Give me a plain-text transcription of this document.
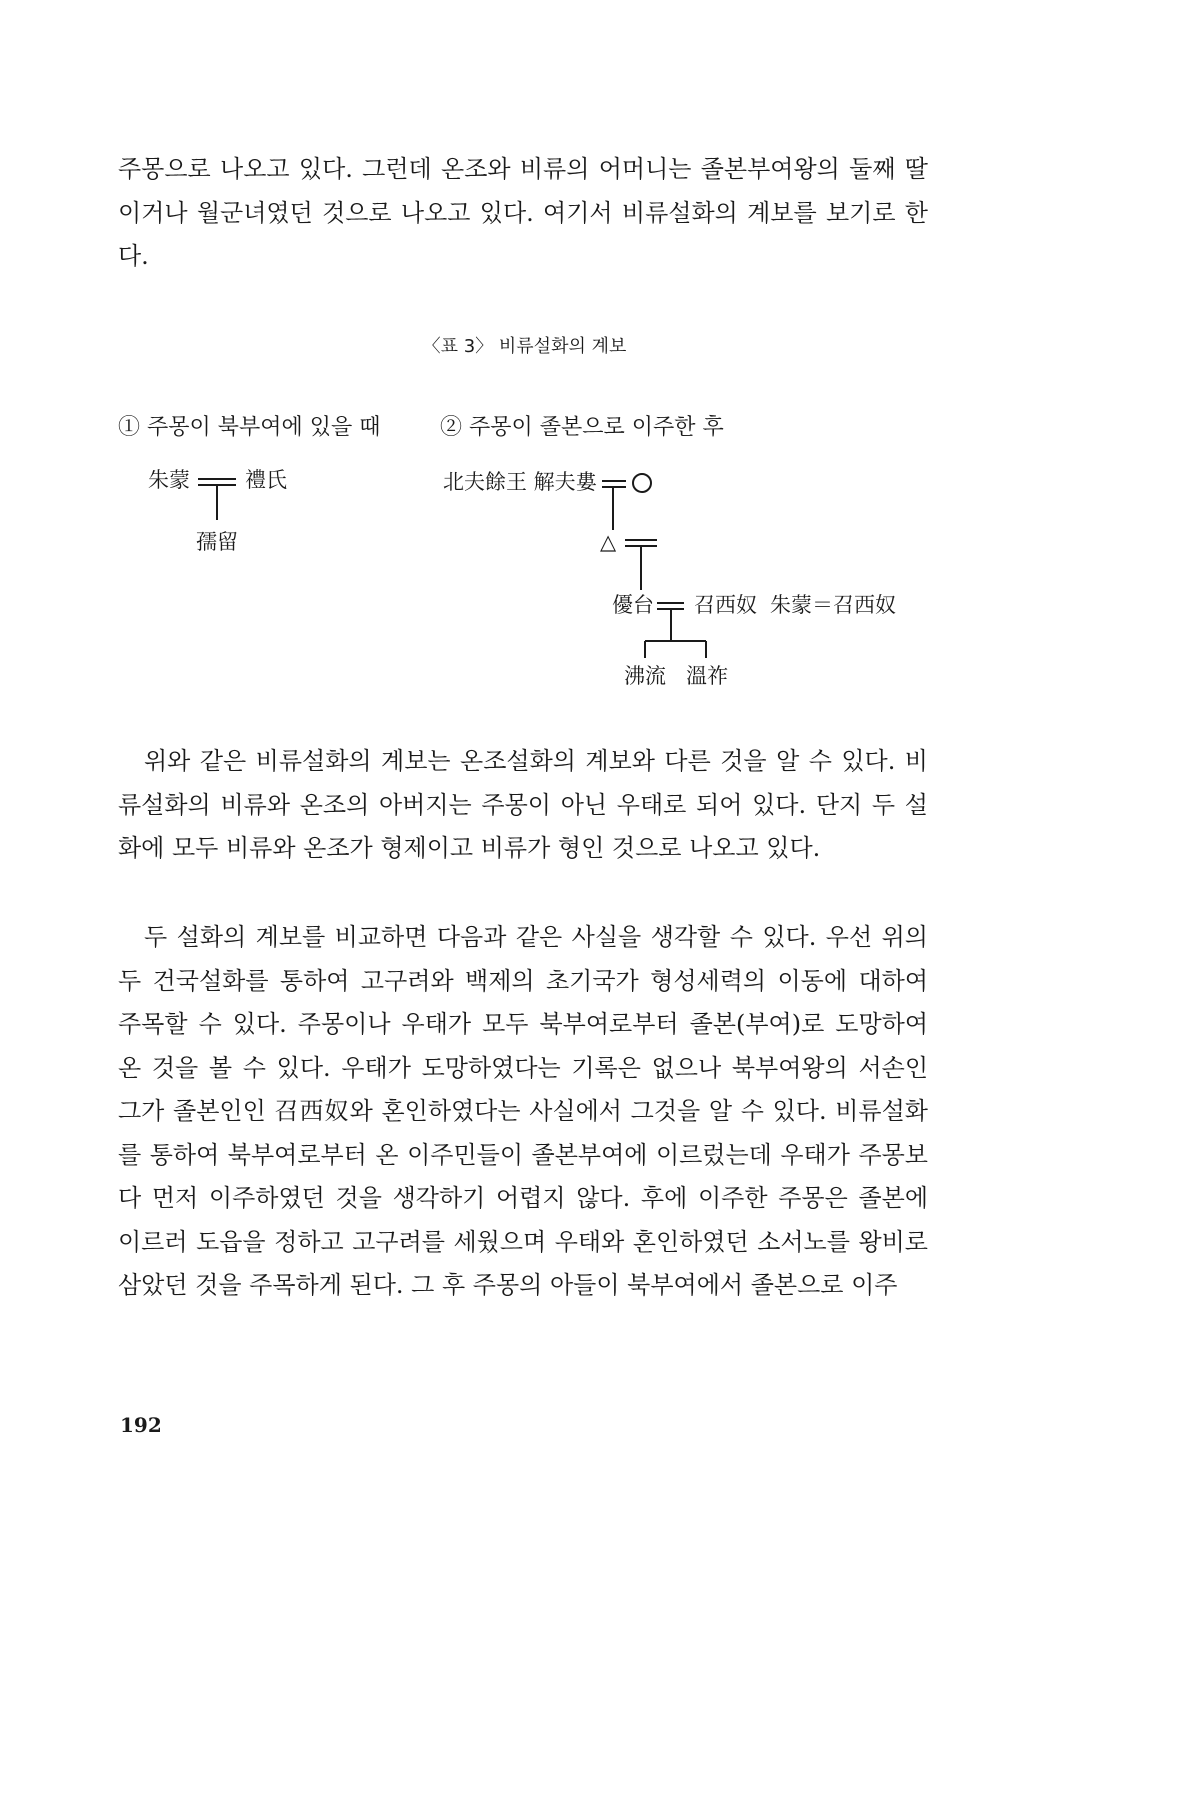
주몽으로 나오고 있다. 그런데 온조와 비류의 어머니는 졸본부여왕의 둘째 딸이거나 월군녀였던 것으로 나오고 있다. 여기서 비류설화의 계보를 보기로 한다.

〈표 3〉 비류설화의 계보
① 주몽이 북부여에 있을 때	② 주몽이 졸본으로 이주한 후
朱蒙	禮氏
孺留
北夫餘王 解夫婁
△
優台 召西奴 朱蒙＝召西奴
沸流 溫祚

위와 같은 비류설화의 계보는 온조설화의 계보와 다른 것을 알 수 있다. 비류설화의 비류와 온조의 아버지는 주몽이 아닌 우태로 되어 있다. 단지 두 설화에 모두 비류와 온조가 형제이고 비류가 형인 것으로 나오고 있다.

두 설화의 계보를 비교하면 다음과 같은 사실을 생각할 수 있다. 우선 위의 두 건국설화를 통하여 고구려와 백제의 초기국가 형성세력의 이동에 대하여 주목할 수 있다. 주몽이나 우태가 모두 북부여로부터 졸본(부여)로 도망하여 온 것을 볼 수 있다. 우태가 도망하였다는 기록은 없으나 북부여왕의 서손인 그가 졸본인인 召西奴와 혼인하였다는 사실에서 그것을 알 수 있다. 비류설화를 통하여 북부여로부터 온 이주민들이 졸본부여에 이르렀는데 우태가 주몽보다 먼저 이주하였던 것을 생각하기 어렵지 않다. 후에 이주한 주몽은 졸본에 이르러 도읍을 정하고 고구려를 세웠으며 우태와 혼인하였던 소서노를 왕비로 삼았던 것을 주목하게 된다. 그 후 주몽의 아들이 북부여에서 졸본으로 이주

192
